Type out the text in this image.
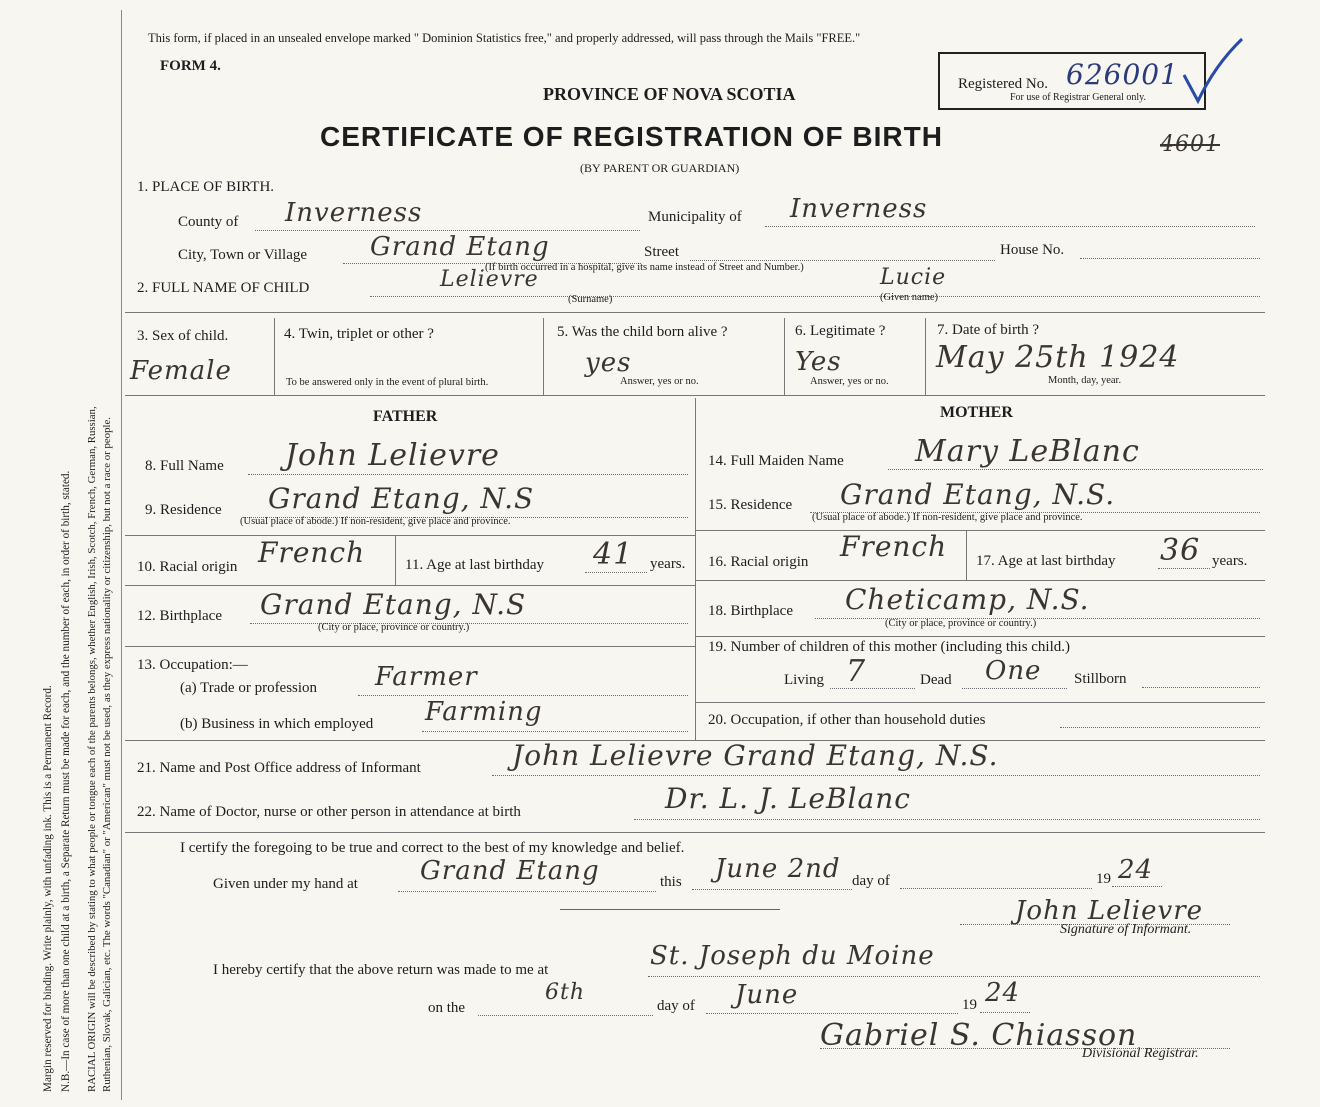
Margin reserved for binding. Write plainly, with unfading ink. This is a Permanent Record. N.B.—In case of more than one child at a birth, a Separate Return must be made for each, and the number of each, in order of birth, stated. RACIAL ORIGIN will be described by stating to what people or tongue each of the parents belongs, whether English, Irish, Scotch, French, German, Russian, Ruthenian, Slovak, Galician, etc. The words "Canadian" or "American" must not be used, as they express nationality or citizenship, but not a race or people.
This form, if placed in an unsealed envelope marked " Dominion Statistics free," and properly addressed, will pass through the Mails "FREE."
FORM 4.
PROVINCE OF NOVA SCOTIA
CERTIFICATE OF REGISTRATION OF BIRTH
(BY PARENT OR GUARDIAN)
Registered No. 626001
For use of Registrar General only.
4601
1. PLACE OF BIRTH.
County of Inverness	Municipality of Inverness
City, Town or Village Grand Etang	Street	House No.
(If birth occurred in a hospital, give its name instead of Street and Number.)
2. FULL NAME OF CHILD	Lelievre	Lucie
(Surname)	(Given name)
3. Sex of child.
Female
4. Twin, triplet or other ?
To be answered only in the event of plural birth.
5. Was the child born alive ?
yes
Answer, yes or no.
6. Legitimate ?
Yes
Answer, yes or no.
7. Date of birth ?
May 25th 1924
Month, day, year.
FATHER
8. Full Name John Lelievre
9. Residence Grand Etang, N.S
(Usual place of abode.) If non-resident, give place and province.
10. Racial origin French	11. Age at last birthday 41 years.
12. Birthplace Grand Etang, N.S
(City or place, province or country.)
13. Occupation:—
(a) Trade or profession Farmer
(b) Business in which employed Farming
MOTHER
14. Full Maiden Name Mary LeBlanc
15. Residence Grand Etang, N.S.
(Usual place of abode.) If non-resident, give place and province.
16. Racial origin French 17. Age at last birthday 36 years.
18. Birthplace Cheticamp, N.S.
(City or place, province or country.)
19. Number of children of this mother (including this child.)
Living 7	Dead One Stillborn
20. Occupation, if other than household duties
21. Name and Post Office address of Informant	John Lelievre Grand Etang, N.S.
22. Name of Doctor, nurse or other person in attendance at birth	Dr. L. J. LeBlanc
I certify the foregoing to be true and correct to the best of my knowledge and belief.
Given under my hand at Grand Etang	this June 2nd day of	19 24
John Lelievre
Signature of Informant.
I hereby certify that the above return was made to me at	St. Joseph du Moine
on the
6th
day of June	19 24
Gabriel S. Chiasson
Divisional Registrar.
